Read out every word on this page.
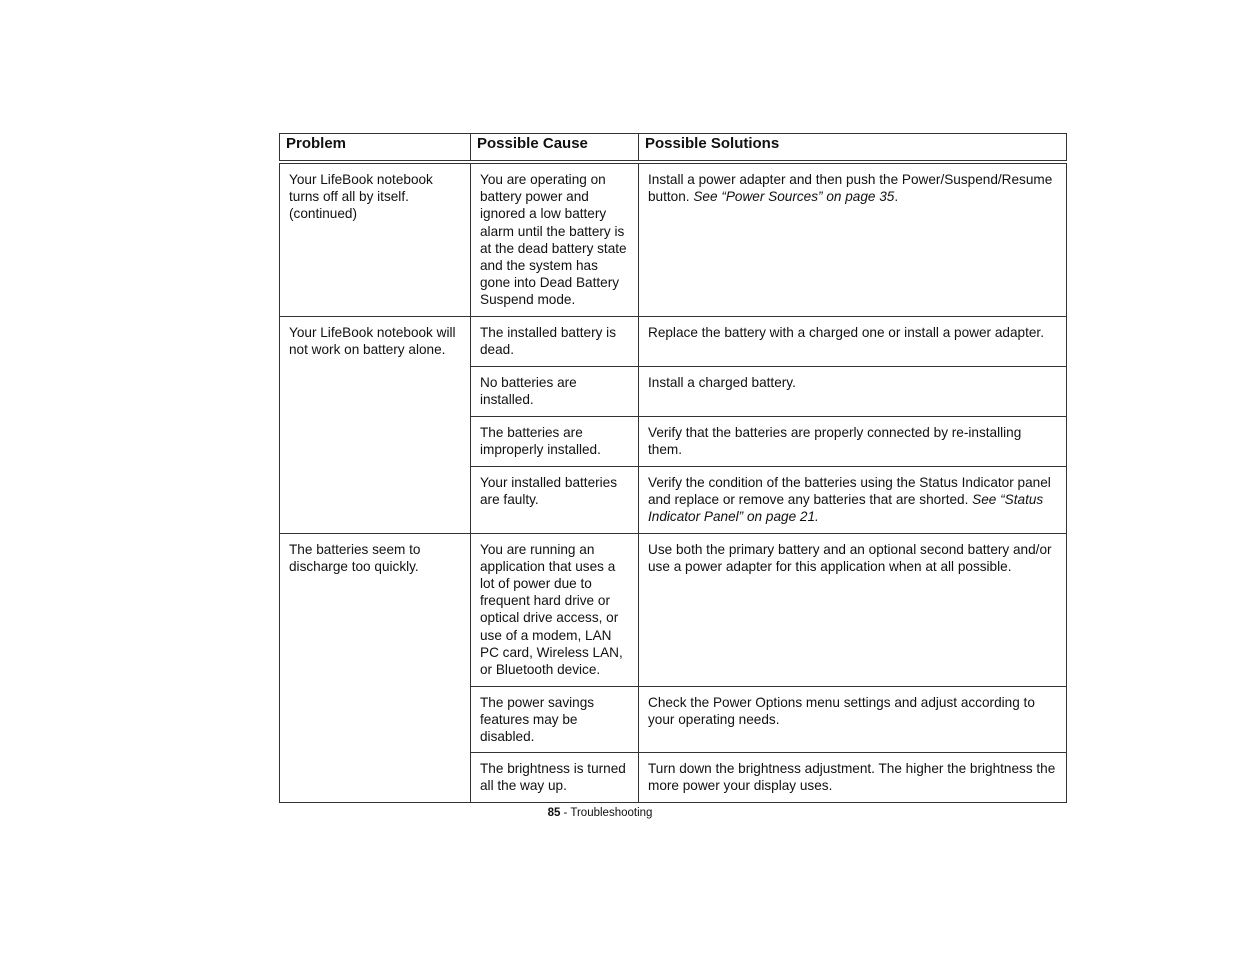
Problem	Possible Cause	Possible Solutions
Your LifeBook notebook turns off all by itself. (continued)	You are operating on battery power and ignored a low battery alarm until the battery is at the dead battery state and the system has gone into Dead Battery Suspend mode.	Install a power adapter and then push the Power/Suspend/Resume button. See “Power Sources” on page 35.
Your LifeBook notebook will not work on battery alone.	The installed battery is dead.	Replace the battery with a charged one or install a power adapter.
	No batteries are installed.	Install a charged battery.
	The batteries are improperly installed.	Verify that the batteries are properly connected by re-installing them.
	Your installed batteries are faulty.	Verify the condition of the batteries using the Status Indicator panel and replace or remove any batteries that are shorted. See “Status Indicator Panel” on page 21.
The batteries seem to discharge too quickly.	You are running an application that uses a lot of power due to frequent hard drive or optical drive access, or use of a modem, LAN PC card, Wireless LAN, or Bluetooth device.	Use both the primary battery and an optional second battery and/or use a power adapter for this application when at all possible.
	The power savings features may be disabled.	Check the Power Options menu settings and adjust according to your operating needs.
	The brightness is turned all the way up.	Turn down the brightness adjustment. The higher the brightness the more power your display uses.
85 - Troubleshooting
